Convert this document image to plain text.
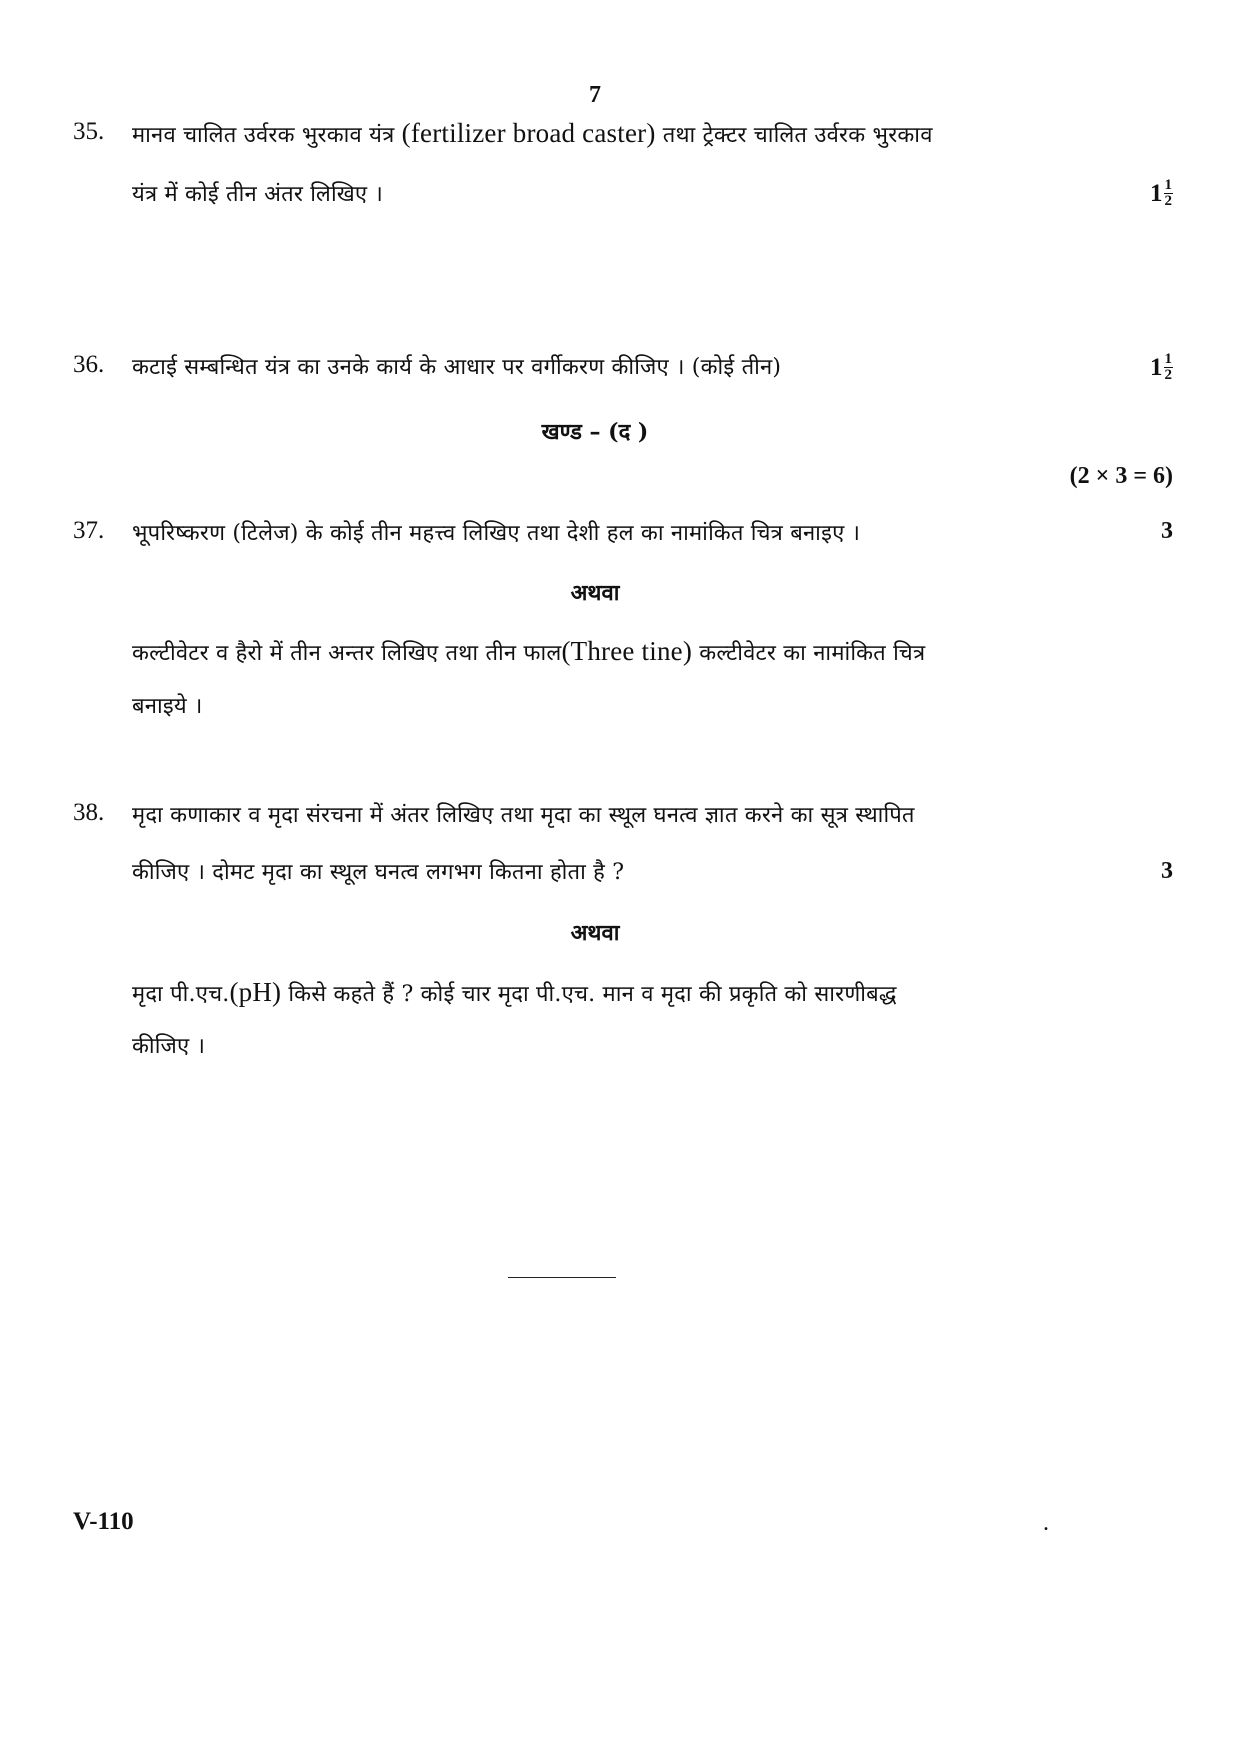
7
35. मानव चालित उर्वरक भुरकाव यंत्र (fertilizer broad caster) तथा ट्रेक्टर चालित उर्वरक भुरकाव
यंत्र में कोई तीन अंतर लिखिए ।	$1 \frac{1}{2}$
36. कटाई सम्बन्धित यंत्र का उनके कार्य के आधार पर वर्गीकरण कीजिए । (कोई तीन)	$1 \frac{1}{2}$
खण्ड – (द )
(2 × 3 = 6)
37. भूपरिष्करण (टिलेज) के कोई तीन महत्त्व लिखिए तथा देशी हल का नामांकित चित्र बनाइए ।	3
अथवा
कल्टीवेटर व हैरो में तीन अन्तर लिखिए तथा तीन फाल(Three tine) कल्टीवेटर का नामांकित चित्र
बनाइये ।
38. मृदा कणाकार व मृदा संरचना में अंतर लिखिए तथा मृदा का स्थूल घनत्व ज्ञात करने का सूत्र स्थापित
कीजिए । दोमट मृदा का स्थूल घनत्व लगभग कितना होता है ?	3
अथवा
मृदा पी.एच.(pH) किसे कहते हैं ? कोई चार मृदा पी.एच. मान व मृदा की प्रकृति को सारणीबद्ध
कीजिए ।
V-110	.
